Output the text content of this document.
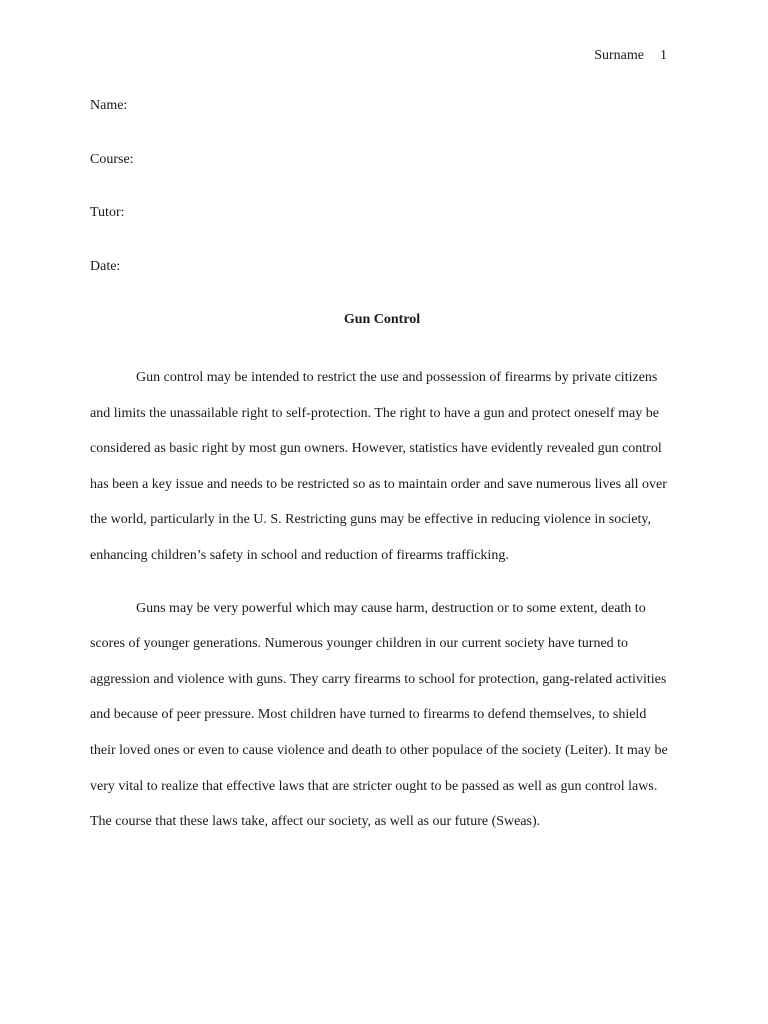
Surname 1
Name:
Course:
Tutor:
Date:
Gun Control

Gun control may be intended to restrict the use and possession of firearms by private citizens and limits the unassailable right to self-protection. The right to have a gun and protect oneself may be considered as basic right by most gun owners. However, statistics have evidently revealed gun control has been a key issue and needs to be restricted so as to maintain order and save numerous lives all over the world, particularly in the U. S. Restricting guns may be effective in reducing violence in society, enhancing children’s safety in school and reduction of firearms trafficking.

Guns may be very powerful which may cause harm, destruction or to some extent, death to scores of younger generations. Numerous younger children in our current society have turned to aggression and violence with guns. They carry firearms to school for protection, gang-related activities and because of peer pressure. Most children have turned to firearms to defend themselves, to shield their loved ones or even to cause violence and death to other populace of the society (Leiter). It may be very vital to realize that effective laws that are stricter ought to be passed as well as gun control laws. The course that these laws take, affect our society, as well as our future (Sweas).
